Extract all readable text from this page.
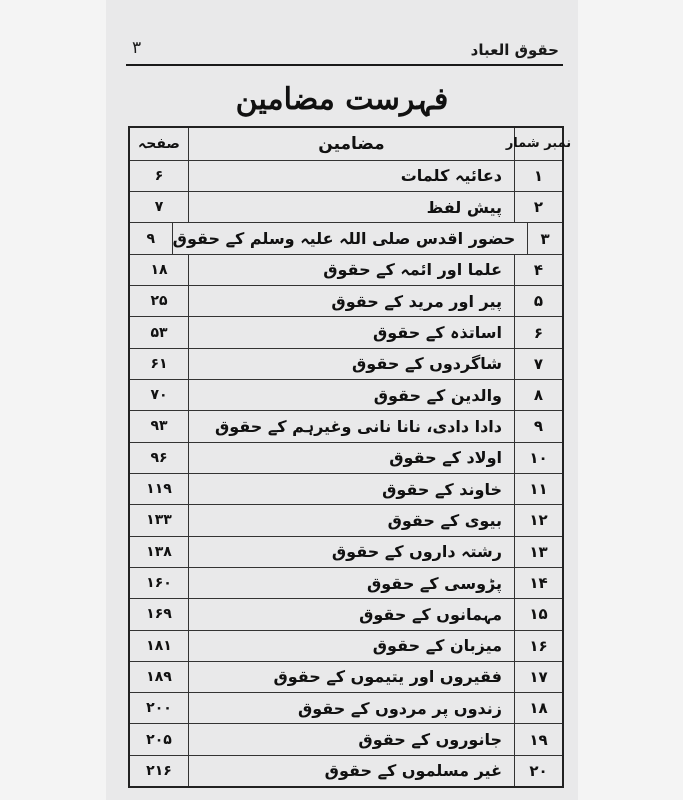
حقوق العباد
۳
فہرست مضامین
نمبر شمار
مضامین
صفحہ
۱
دعائیہ کلمات
۶
۲
پیش لفظ
۷
۳
حضور اقدس صلی اللہ علیہ وسلم کے حقوق
۹
۴
علما اور ائمہ کے حقوق
۱۸
۵
پیر اور مرید کے حقوق
۲۵
۶
اساتذہ کے حقوق
۵۳
۷
شاگردوں کے حقوق
۶۱
۸
والدین کے حقوق
۷۰
۹
دادا دادی، نانا نانی وغیرہم کے حقوق
۹۳
۱۰
اولاد کے حقوق
۹۶
۱۱
خاوند کے حقوق
۱۱۹
۱۲
بیوی کے حقوق
۱۳۳
۱۳
رشتہ داروں کے حقوق
۱۳۸
۱۴
پڑوسی کے حقوق
۱۶۰
۱۵
مہمانوں کے حقوق
۱۶۹
۱۶
میزبان کے حقوق
۱۸۱
۱۷
فقیروں اور یتیموں کے حقوق
۱۸۹
۱۸
زندوں پر مردوں کے حقوق
۲۰۰
۱۹
جانوروں کے حقوق
۲۰۵
۲۰
غیر مسلموں کے حقوق
۲۱۶
